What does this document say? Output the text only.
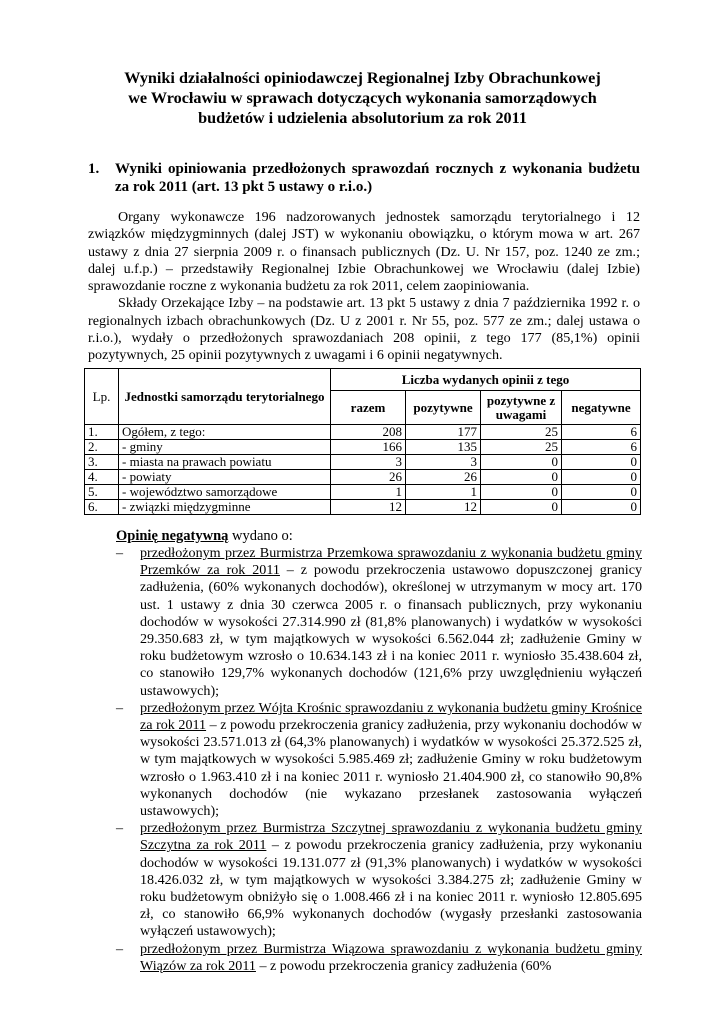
Wyniki działalności opiniodawczej Regionalnej Izby Obrachunkowej
we Wrocławiu w sprawach dotyczących wykonania samorządowych
budżetów i udzielenia absolutorium za rok 2011
1. Wyniki opiniowania przedłożonych sprawozdań rocznych z wykonania budżetu za rok 2011 (art. 13 pkt 5 ustawy o r.i.o.)

Organy wykonawcze 196 nadzorowanych jednostek samorządu terytorialnego i 12 związków międzygminnych (dalej JST) w wykonaniu obowiązku, o którym mowa w art. 267 ustawy z dnia 27 sierpnia 2009 r. o finansach publicznych (Dz. U. Nr 157, poz. 1240 ze zm.; dalej u.f.p.) – przedstawiły Regionalnej Izbie Obrachunkowej we Wrocławiu (dalej Izbie) sprawozdanie roczne z wykonania budżetu za rok 2011, celem zaopiniowania.

Składy Orzekające Izby – na podstawie art. 13 pkt 5 ustawy z dnia 7 października 1992 r. o regionalnych izbach obrachunkowych (Dz. U z 2001 r. Nr 55, poz. 577 ze zm.; dalej ustawa o r.i.o.), wydały o przedłożonych sprawozdaniach 208 opinii, z tego 177 (85,1%) opinii pozytywnych, 25 opinii pozytywnych z uwagami i 6 opinii negatywnych.

Lp.	Jednostki samorządu terytorialnego	Liczba wydanych opinii z tego			
		razem	pozytywne	pozytywne z uwagami	negatywne
1.	Ogółem, z tego:	208	177	25	6
2.	- gminy	166	135	25	6
3.	- miasta na prawach powiatu	3	3	0	0
4.	- powiaty	26	26	0	0
5.	- województwo samorządowe	1	1	0	0
6.	- związki międzygminne	12	12	0	0
Opinię negatywną wydano o:
– przedłożonym przez Burmistrza Przemkowa sprawozdaniu z wykonania budżetu gminy Przemków za rok 2011 – z powodu przekroczenia ustawowo dopuszczonej granicy zadłużenia, (60% wykonanych dochodów), określonej w utrzymanym w mocy art. 170 ust. 1 ustawy z dnia 30 czerwca 2005 r. o finansach publicznych, przy wykonaniu dochodów w wysokości 27.314.990 zł (81,8% planowanych) i wydatków w wysokości 29.350.683 zł, w tym majątkowych w wysokości 6.562.044 zł; zadłużenie Gminy w roku budżetowym wzrosło o 10.634.143 zł i na koniec 2011 r. wyniosło 35.438.604 zł, co stanowiło 129,7% wykonanych dochodów (121,6% przy uwzględnieniu wyłączeń ustawowych);
– przedłożonym przez Wójta Krośnic sprawozdaniu z wykonania budżetu gminy Krośnice za rok 2011 – z powodu przekroczenia granicy zadłużenia, przy wykonaniu dochodów w wysokości 23.571.013 zł (64,3% planowanych) i wydatków w wysokości 25.372.525 zł, w tym majątkowych w wysokości 5.985.469 zł; zadłużenie Gminy w roku budżetowym wzrosło o 1.963.410 zł i na koniec 2011 r. wyniosło 21.404.900 zł, co stanowiło 90,8% wykonanych dochodów (nie wykazano przesłanek zastosowania wyłączeń ustawowych);
– przedłożonym przez Burmistrza Szczytnej sprawozdaniu z wykonania budżetu gminy Szczytna za rok 2011 – z powodu przekroczenia granicy zadłużenia, przy wykonaniu dochodów w wysokości 19.131.077 zł (91,3% planowanych) i wydatków w wysokości 18.426.032 zł, w tym majątkowych w wysokości 3.384.275 zł; zadłużenie Gminy w roku budżetowym obniżyło się o 1.008.466 zł i na koniec 2011 r. wyniosło 12.805.695 zł, co stanowiło 66,9% wykonanych dochodów (wygasły przesłanki zastosowania wyłączeń ustawowych);
– przedłożonym przez Burmistrza Wiązowa sprawozdaniu z wykonania budżetu gminy Wiązów za rok 2011 – z powodu przekroczenia granicy zadłużenia (60%
